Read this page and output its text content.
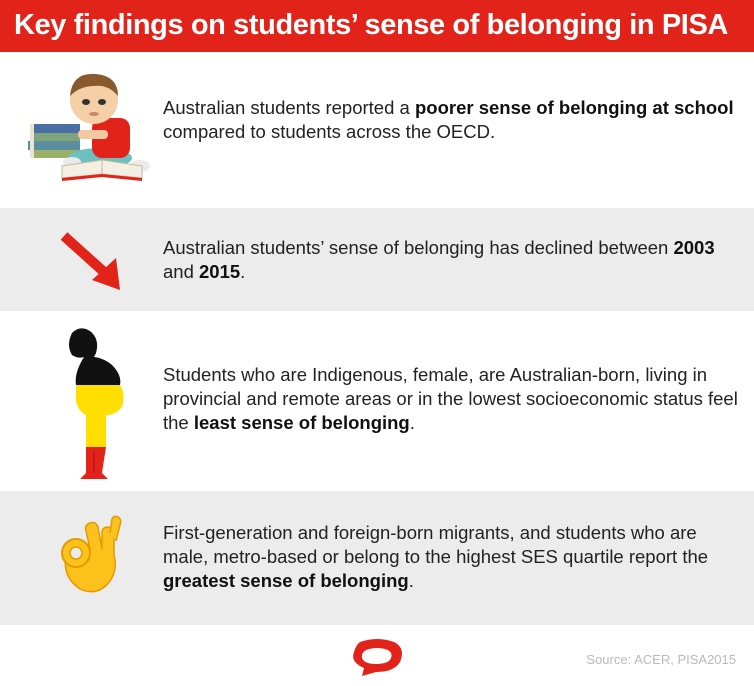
Key findings on students’ sense of belonging in PISA
Australian students reported a poorer sense of belonging at school compared to students across the OECD.
Australian students’ sense of belonging has declined between 2003 and 2015.
Students who are Indigenous, female, are Australian-born, living in provincial and remote areas or in the lowest socioeconomic status feel the least sense of belonging.
First-generation and foreign-born migrants, and students who are male, metro-based or belong to the highest SES quartile report the greatest sense of belonging.
Source: ACER, PISA2015
